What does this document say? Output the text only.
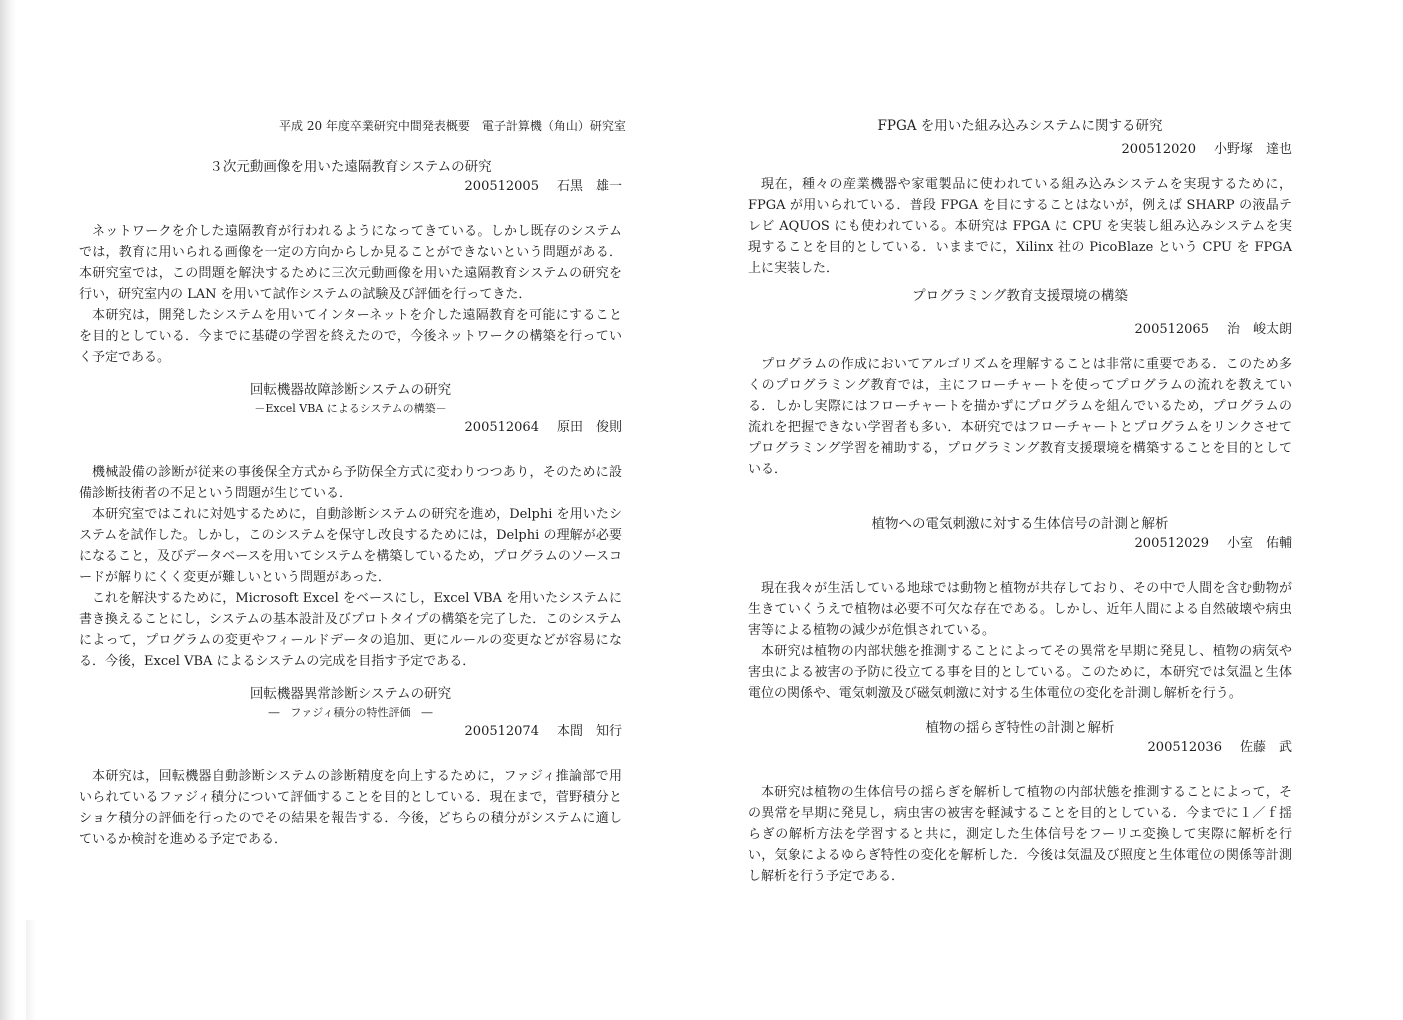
平成 20 年度卒業研究中間発表概要　電子計算機（角山）研究室
３次元動画像を用いた遠隔教育システムの研究
200512005 石黒　雄一

ネットワークを介した遠隔教育が行われるようになってきている。しかし既存のシステムでは，教育に用いられる画像を一定の方向からしか見ることができないという問題がある．本研究室では，この問題を解決するために三次元動画像を用いた遠隔教育システムの研究を行い，研究室内の LAN を用いて試作システムの試験及び評価を行ってきた．

本研究は，開発したシステムを用いてインターネットを介した遠隔教育を可能にすることを目的としている．今までに基礎の学習を終えたので，今後ネットワークの構築を行っていく予定である。

回転機器故障診断システムの研究
－Excel VBA によるシステムの構築－
200512064 原田　俊則

機械設備の診断が従来の事後保全方式から予防保全方式に変わりつつあり，そのために設備診断技術者の不足という問題が生じている．

本研究室ではこれに対処するために，自動診断システムの研究を進め，Delphi を用いたシステムを試作した。しかし，このシステムを保守し改良するためには，Delphi の理解が必要になること，及びデータベースを用いてシステムを構築しているため，プログラムのソースコードが解りにくく変更が難しいという問題があった．

これを解決するために，Microsoft Excel をベースにし，Excel VBA を用いたシステムに書き換えることにし，システムの基本設計及びプロトタイプの構築を完了した．このシステムによって，プログラムの変更やフィールドデータの追加、更にルールの変更などが容易になる．今後，Excel VBA によるシステムの完成を目指す予定である．

回転機器異常診断システムの研究
―　ファジィ積分の特性評価　―
200512074 本間　知行

本研究は，回転機器自動診断システムの診断精度を向上するために，ファジィ推論部で用いられているファジィ積分について評価することを目的としている．現在まで，菅野積分とショケ積分の評価を行ったのでその結果を報告する．今後，どちらの積分がシステムに適しているか検討を進める予定である．

FPGA を用いた組み込みシステムに関する研究
200512020 小野塚　達也

現在，種々の産業機器や家電製品に使われている組み込みシステムを実現するために，FPGA が用いられている．普段 FPGA を目にすることはないが，例えば SHARP の液晶テレビ AQUOS にも使われている。本研究は FPGA に CPU を実装し組み込みシステムを実現することを目的としている．いままでに，Xilinx 社の PicoBlaze という CPU を FPGA 上に実装した．

プログラミング教育支援環境の構築
200512065 治　峻太朗

プログラムの作成においてアルゴリズムを理解することは非常に重要である．このため多くのプログラミング教育では，主にフローチャートを使ってプログラムの流れを教えている．しかし実際にはフローチャートを描かずにプログラムを組んでいるため，プログラムの流れを把握できない学習者も多い．本研究ではフローチャートとプログラムをリンクさせてプログラミング学習を補助する，プログラミング教育支援環境を構築することを目的としている．

植物への電気刺激に対する生体信号の計測と解析
200512029 小室　佑輔

現在我々が生活している地球では動物と植物が共存しており、その中で人間を含む動物が生きていくうえで植物は必要不可欠な存在である。しかし、近年人間による自然破壊や病虫害等による植物の減少が危惧されている。

本研究は植物の内部状態を推測することによってその異常を早期に発見し、植物の病気や害虫による被害の予防に役立てる事を目的としている。このために，本研究では気温と生体電位の関係や、電気刺激及び磁気刺激に対する生体電位の変化を計測し解析を行う。

植物の揺らぎ特性の計測と解析
200512036 佐藤　武

本研究は植物の生体信号の揺らぎを解析して植物の内部状態を推測することによって，その異常を早期に発見し，病虫害の被害を軽減することを目的としている．今までに１／ｆ揺らぎの解析方法を学習すると共に，測定した生体信号をフーリエ変換して実際に解析を行い，気象によるゆらぎ特性の変化を解析した．今後は気温及び照度と生体電位の関係等計測し解析を行う予定である．
